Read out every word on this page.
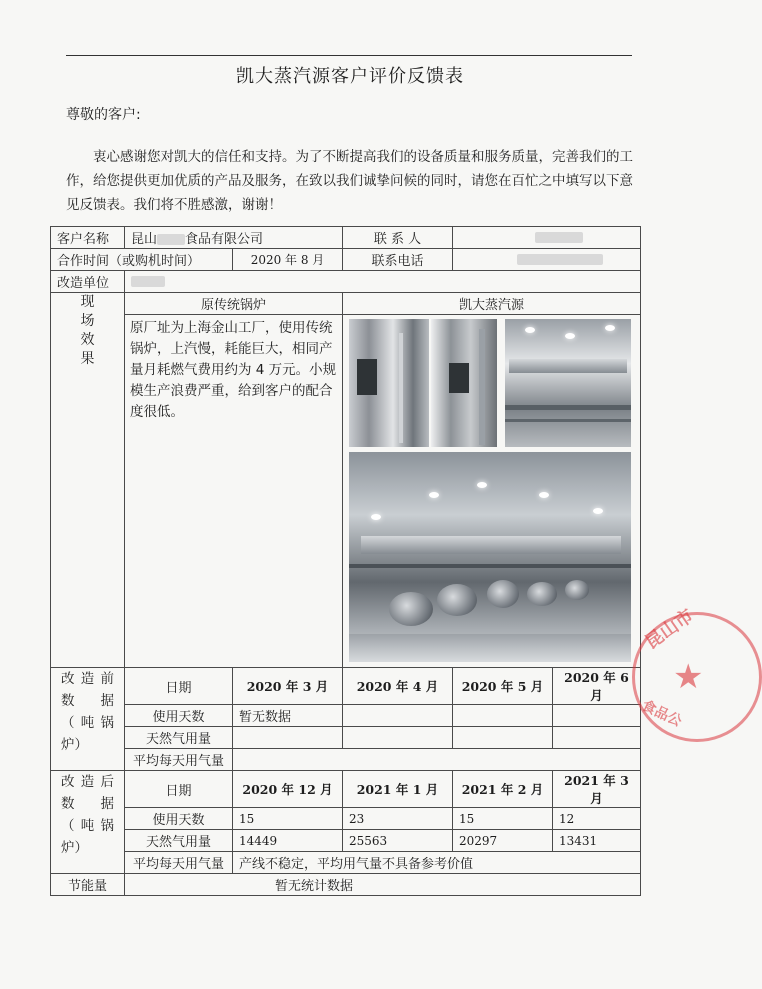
凯大蒸汽源客户评价反馈表
尊敬的客户:
衷心感谢您对凯大的信任和支持。为了不断提高我们的设备质量和服务质量，完善我们的工作，给您提供更加优质的产品及服务，在致以我们诚挚问候的同时，请您在百忙之中填写以下意见反馈表。我们将不胜感激，谢谢！
客户名称	昆山 食品有限公司		联 系 人		
合作时间（或购机时间）		2020 年 8 月	联系电话		
改造单位					

现场效果	原传统锅炉		凯大蒸汽源		
	原厂址为上海金山工厂，使用传统锅炉，上汽慢，耗能巨大，相同产量月耗燃气费用约为 4 万元。小规模生产浪费严重，给到客户的配合度很低。				

改造前数据（吨锅炉）	日期	2020 年 3 月	2020 年 4 月	2020 年 5 月	2020 年 6 月
	使用天数	暂无数据			
	天然气用量				
	平均每天用气量				

改造后数据（吨锅炉）	日期	2020 年 12 月	2021 年 1 月	2021 年 2 月	2021 年 3 月
	使用天数	15	23	15	12
	天然气用量	14449	25563	20297	13431
	平均每天用气量	产线不稳定，平均用气量不具备参考价值			
节能量	暂无统计数据				
昆山市
★
食品公
